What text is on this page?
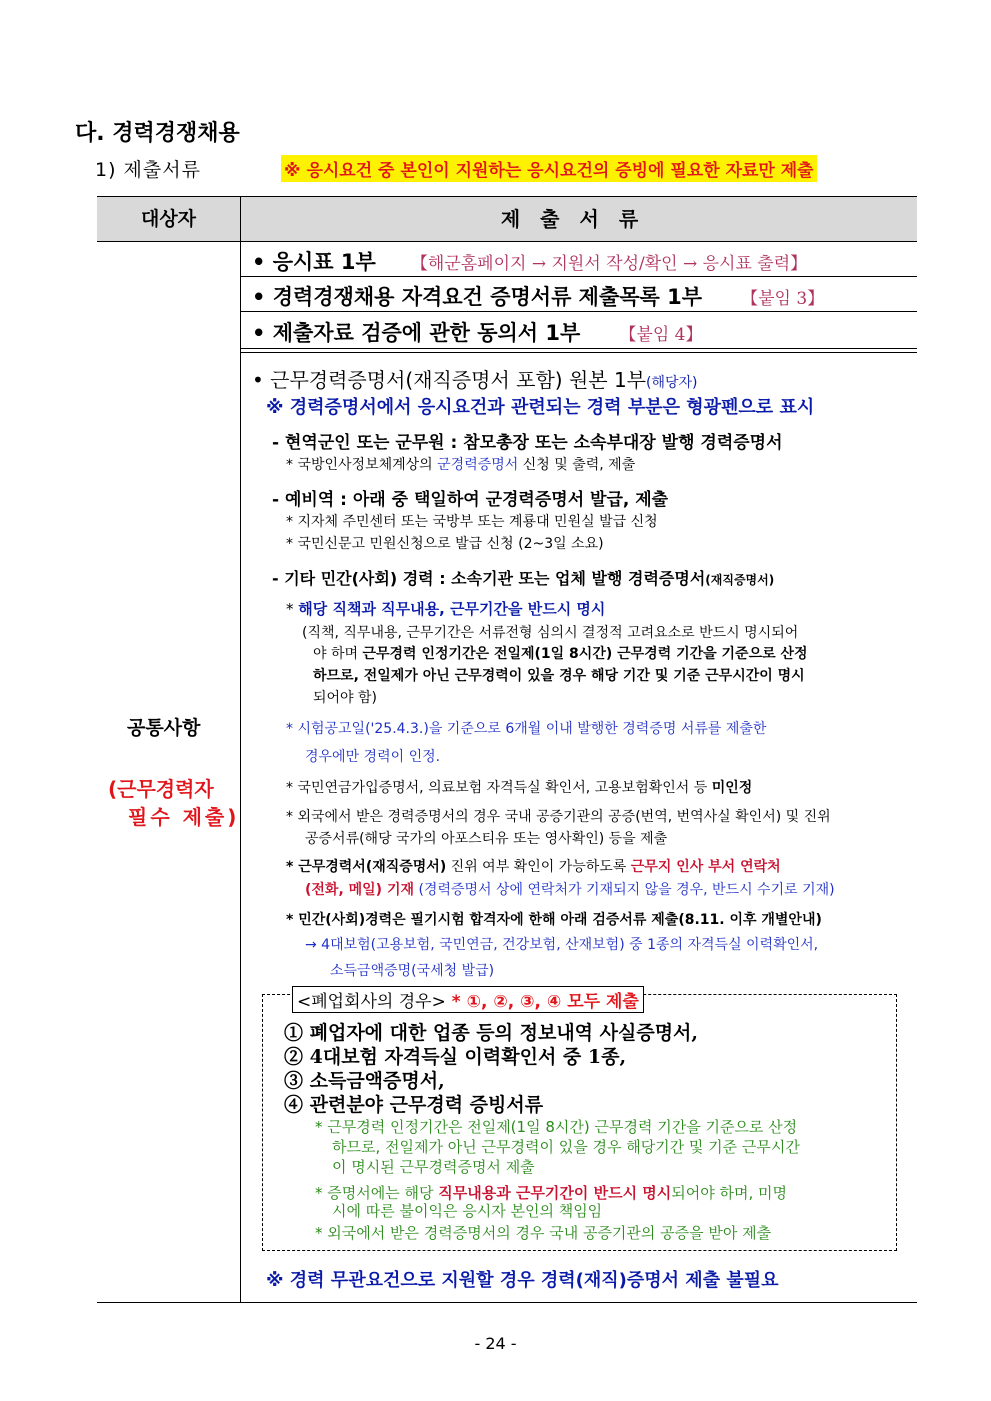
다. 경력경쟁채용
1) 제출서류	※ 응시요건 중 본인이 지원하는 응시요건의 증빙에 필요한 자료만 제출
대상자	제출서류
공통사항
(근무경력자
필수 제출)
• 응시표 1부 【해군홈페이지 → 지원서 작성/확인 → 응시표 출력】
• 경력경쟁채용 자격요건 증명서류 제출목록 1부 【붙임 3】
• 제출자료 검증에 관한 동의서 1부 【붙임 4】
• 근무경력증명서(재직증명서 포함) 원본 1부(해당자)
※ 경력증명서에서 응시요건과 관련되는 경력 부분은 형광펜으로 표시
- 현역군인 또는 군무원 : 참모총장 또는 소속부대장 발행 경력증명서
* 국방인사정보체계상의 군경력증명서 신청 및 출력, 제출
- 예비역 : 아래 중 택일하여 군경력증명서 발급, 제출
* 지자체 주민센터 또는 국방부 또는 계룡대 민원실 발급 신청
* 국민신문고 민원신청으로 발급 신청 (2~3일 소요)
- 기타 민간(사회) 경력 : 소속기관 또는 업체 발행 경력증명서(재직증명서)
* 해당 직책과 직무내용, 근무기간을 반드시 명시
(직책, 직무내용, 근무기간은 서류전형 심의시 결정적 고려요소로 반드시 명시되어
야 하며 근무경력 인정기간은 전일제(1일 8시간) 근무경력 기간을 기준으로 산정
하므로, 전일제가 아닌 근무경력이 있을 경우 해당 기간 및 기준 근무시간이 명시
되어야 함)
* 시험공고일('25.4.3.)을 기준으로 6개월 이내 발행한 경력증명 서류를 제출한
경우에만 경력이 인정.
* 국민연금가입증명서, 의료보험 자격득실 확인서, 고용보험확인서 등 미인정
* 외국에서 받은 경력증명서의 경우 국내 공증기관의 공증(번역, 번역사실 확인서) 및 진위
공증서류(해당 국가의 아포스티유 또는 영사확인) 등을 제출
* 근무경력서(재직증명서) 진위 여부 확인이 가능하도록 근무지 인사 부서 연락처
(전화, 메일) 기재 (경력증명서 상에 연락처가 기재되지 않을 경우, 반드시 수기로 기재)
* 민간(사회)경력은 필기시험 합격자에 한해 아래 검증서류 제출(8.11. 이후 개별안내)
→ 4대보험(고용보험, 국민연금, 건강보험, 산재보험) 중 1종의 자격득실 이력확인서,
소득금액증명(국세청 발급)
<폐업회사의 경우> * ①, ②, ③, ④ 모두 제출
① 폐업자에 대한 업종 등의 정보내역 사실증명서,
② 4대보험 자격득실 이력확인서 중 1종,
③ 소득금액증명서,
④ 관련분야 근무경력 증빙서류
* 근무경력 인정기간은 전일제(1일 8시간) 근무경력 기간을 기준으로 산정
하므로, 전일제가 아닌 근무경력이 있을 경우 해당기간 및 기준 근무시간
이 명시된 근무경력증명서 제출
* 증명서에는 해당 직무내용과 근무기간이 반드시 명시되어야 하며, 미명
시에 따른 불이익은 응시자 본인의 책임임
* 외국에서 받은 경력증명서의 경우 국내 공증기관의 공증을 받아 제출
※ 경력 무관요건으로 지원할 경우 경력(재직)증명서 제출 불필요
- 24 -
